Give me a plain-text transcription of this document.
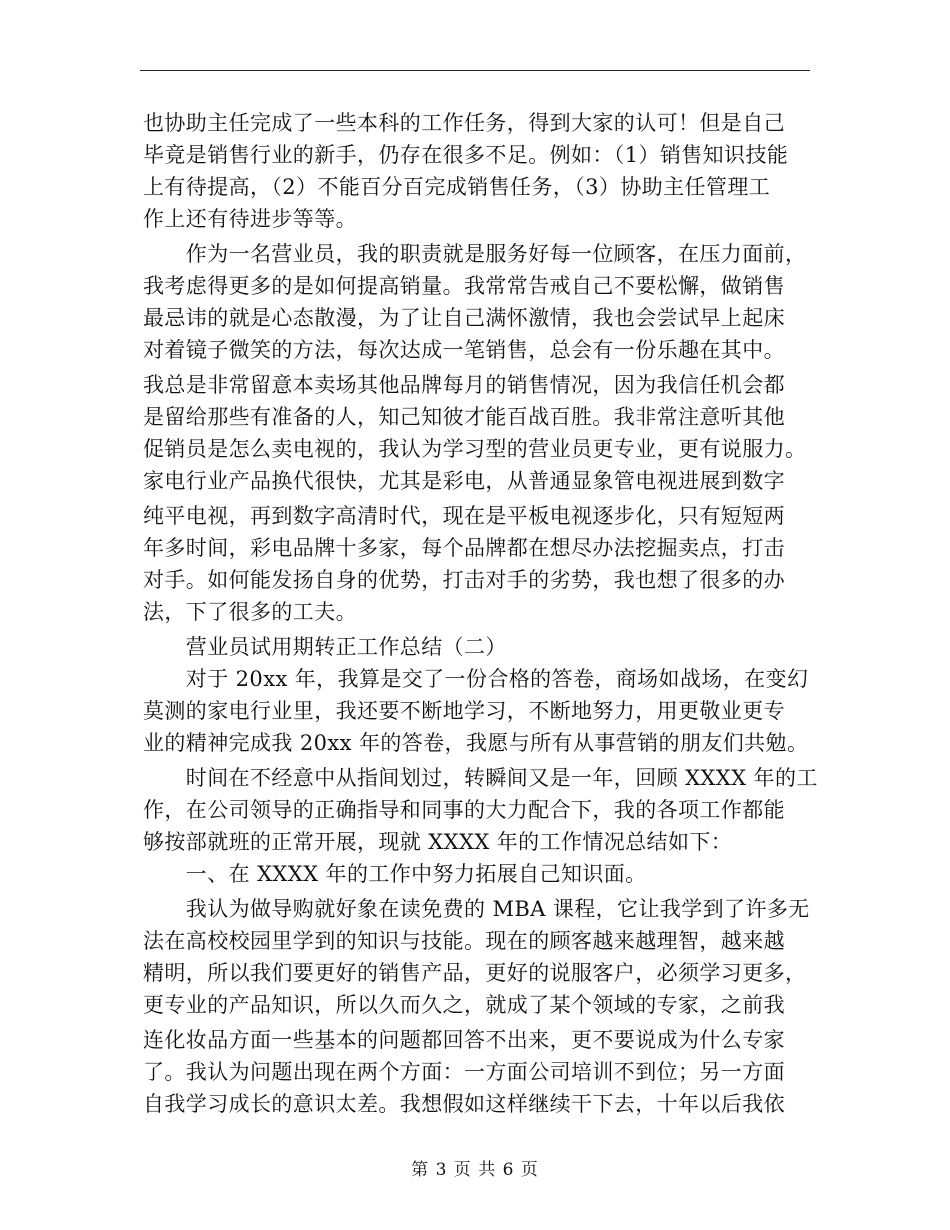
也协助主任完成了一些本科的工作任务，得到大家的认可！但是自己
毕竟是销售行业的新手，仍存在很多不足。例如：（1）销售知识技能
上有待提高，（2）不能百分百完成销售任务，（3）协助主任管理工
作上还有待进步等等。
　　作为一名营业员，我的职责就是服务好每一位顾客，在压力面前，
我考虑得更多的是如何提高销量。我常常告戒自己不要松懈，做销售
最忌讳的就是心态散漫，为了让自己满怀激情，我也会尝试早上起床
对着镜子微笑的方法，每次达成一笔销售，总会有一份乐趣在其中。
我总是非常留意本卖场其他品牌每月的销售情况，因为我信任机会都
是留给那些有准备的人，知己知彼才能百战百胜。我非常注意听其他
促销员是怎么卖电视的，我认为学习型的营业员更专业，更有说服力。
家电行业产品换代很快，尤其是彩电，从普通显象管电视进展到数字
纯平电视，再到数字高清时代，现在是平板电视逐步化，只有短短两
年多时间，彩电品牌十多家，每个品牌都在想尽办法挖掘卖点，打击
对手。如何能发扬自身的优势，打击对手的劣势，我也想了很多的办
法，下了很多的工夫。
　　营业员试用期转正工作总结（二）
　　对于 20xx 年，我算是交了一份合格的答卷，商场如战场，在变幻
莫测的家电行业里，我还要不断地学习，不断地努力，用更敬业更专
业的精神完成我 20xx 年的答卷，我愿与所有从事营销的朋友们共勉。
　　时间在不经意中从指间划过，转瞬间又是一年，回顾 XXXX 年的工
作，在公司领导的正确指导和同事的大力配合下，我的各项工作都能
够按部就班的正常开展，现就 XXXX 年的工作情况总结如下：
　　一、在 XXXX 年的工作中努力拓展自己知识面。
　　我认为做导购就好象在读免费的 MBA 课程，它让我学到了许多无
法在高校校园里学到的知识与技能。现在的顾客越来越理智，越来越
精明，所以我们要更好的销售产品，更好的说服客户，必须学习更多，
更专业的产品知识，所以久而久之，就成了某个领域的专家，之前我
连化妆品方面一些基本的问题都回答不出来，更不要说成为什么专家
了。我认为问题出现在两个方面：一方面公司培训不到位；另一方面
自我学习成长的意识太差。我想假如这样继续干下去，十年以后我依
第 3 页 共 6 页
